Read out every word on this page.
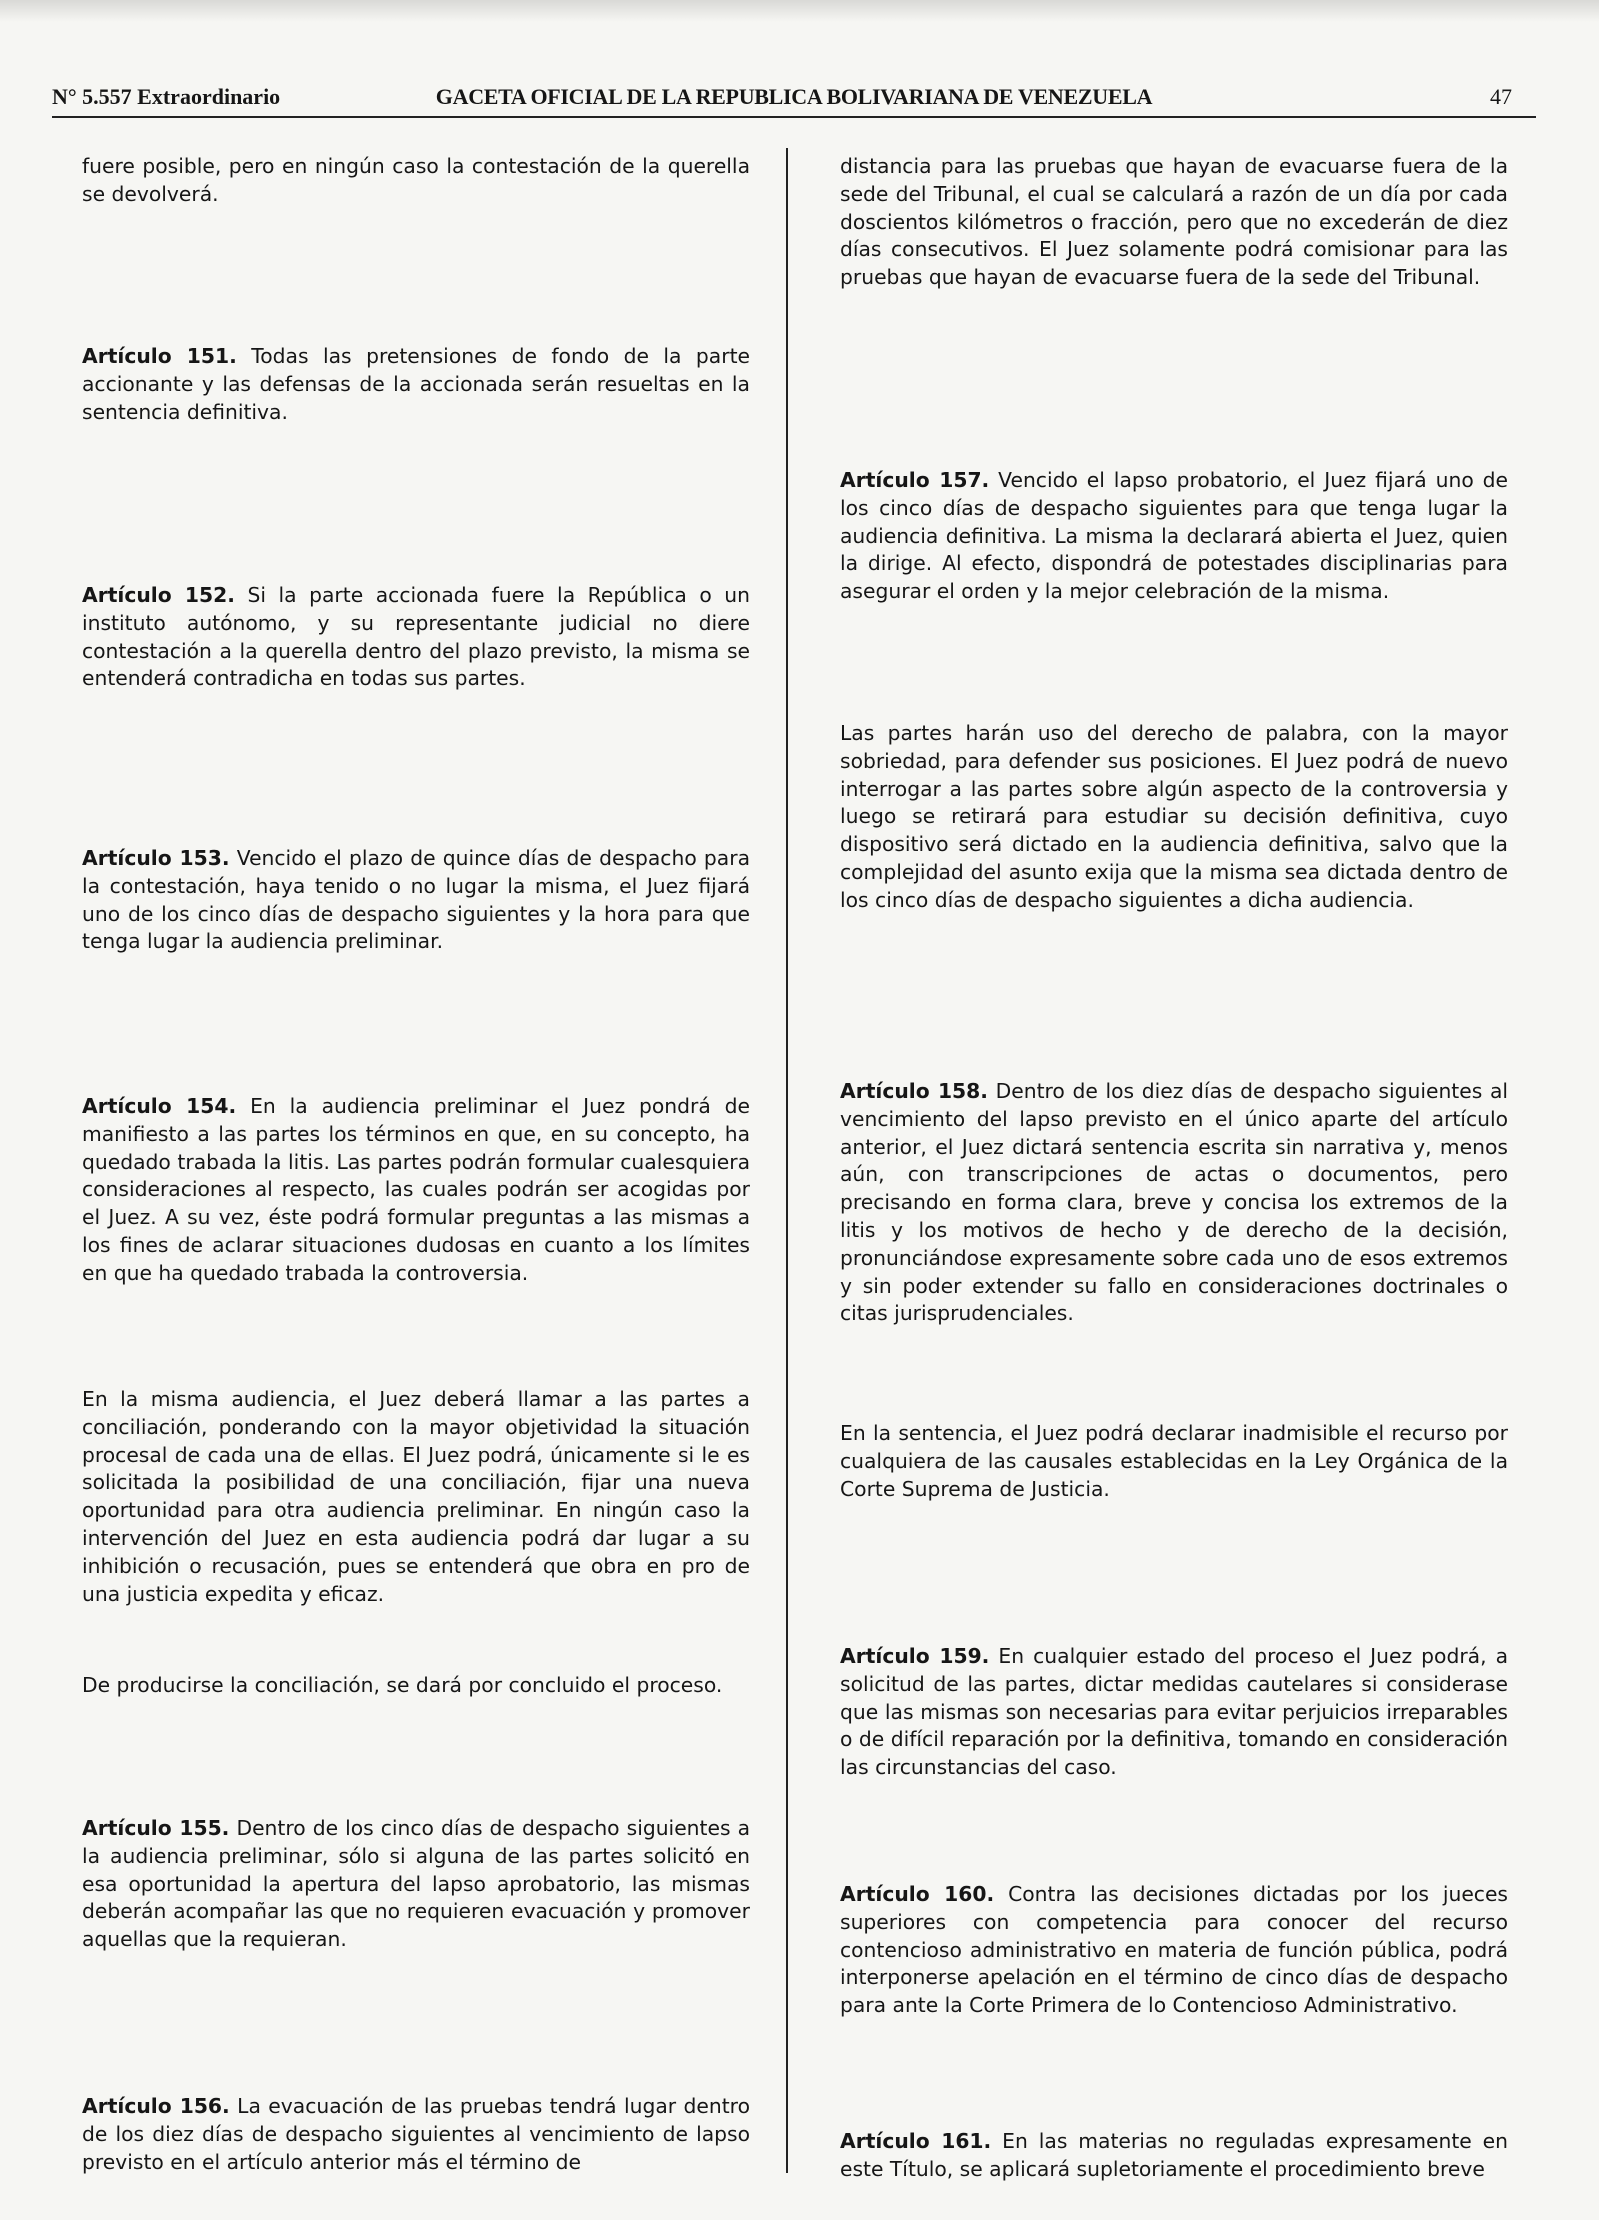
N° 5.557 Extraordinario	GACETA OFICIAL DE LA REPUBLICA BOLIVARIANA DE VENEZUELA	47

fuere posible, pero en ningún caso la contestación de la querella se devolverá.

Artículo 151. Todas las pretensiones de fondo de la parte accionante y las defensas de la accionada serán resueltas en la sentencia definitiva.

Artículo 152. Si la parte accionada fuere la República o un instituto autónomo, y su representante judicial no diere contestación a la querella dentro del plazo previsto, la misma se entenderá contradicha en todas sus partes.

Artículo 153. Vencido el plazo de quince días de despacho para la contestación, haya tenido o no lugar la misma, el Juez fijará uno de los cinco días de despacho siguientes y la hora para que tenga lugar la audiencia preliminar.

Artículo 154. En la audiencia preliminar el Juez pondrá de manifiesto a las partes los términos en que, en su concepto, ha quedado trabada la litis. Las partes podrán formular cualesquiera consideraciones al respecto, las cuales podrán ser acogidas por el Juez. A su vez, éste podrá formular preguntas a las mismas a los fines de aclarar situaciones dudosas en cuanto a los límites en que ha quedado trabada la controversia.

En la misma audiencia, el Juez deberá llamar a las partes a conciliación, ponderando con la mayor objetividad la situación procesal de cada una de ellas. El Juez podrá, únicamente si le es solicitada la posibilidad de una conciliación, fijar una nueva oportunidad para otra audiencia preliminar. En ningún caso la intervención del Juez en esta audiencia podrá dar lugar a su inhibición o recusación, pues se entenderá que obra en pro de una justicia expedita y eficaz.

De producirse la conciliación, se dará por concluido el proceso.

Artículo 155. Dentro de los cinco días de despacho siguientes a la audiencia preliminar, sólo si alguna de las partes solicitó en esa oportunidad la apertura del lapso aprobatorio, las mismas deberán acompañar las que no requieren evacuación y promover aquellas que la requieran.

Artículo 156. La evacuación de las pruebas tendrá lugar dentro de los diez días de despacho siguientes al vencimiento de lapso previsto en el artículo anterior más el término de

distancia para las pruebas que hayan de evacuarse fuera de la sede del Tribunal, el cual se calculará a razón de un día por cada doscientos kilómetros o fracción, pero que no excederán de diez días consecutivos. El Juez solamente podrá comisionar para las pruebas que hayan de evacuarse fuera de la sede del Tribunal.

Artículo 157. Vencido el lapso probatorio, el Juez fijará uno de los cinco días de despacho siguientes para que tenga lugar la audiencia definitiva. La misma la declarará abierta el Juez, quien la dirige. Al efecto, dispondrá de potestades disciplinarias para asegurar el orden y la mejor celebración de la misma.

Las partes harán uso del derecho de palabra, con la mayor sobriedad, para defender sus posiciones. El Juez podrá de nuevo interrogar a las partes sobre algún aspecto de la controversia y luego se retirará para estudiar su decisión definitiva, cuyo dispositivo será dictado en la audiencia definitiva, salvo que la complejidad del asunto exija que la misma sea dictada dentro de los cinco días de despacho siguientes a dicha audiencia.

Artículo 158. Dentro de los diez días de despacho siguientes al vencimiento del lapso previsto en el único aparte del artículo anterior, el Juez dictará sentencia escrita sin narrativa y, menos aún, con transcripciones de actas o documentos, pero precisando en forma clara, breve y concisa los extremos de la litis y los motivos de hecho y de derecho de la decisión, pronunciándose expresamente sobre cada uno de esos extremos y sin poder extender su fallo en consideraciones doctrinales o citas jurisprudenciales.

En la sentencia, el Juez podrá declarar inadmisible el recurso por cualquiera de las causales establecidas en la Ley Orgánica de la Corte Suprema de Justicia.

Artículo 159. En cualquier estado del proceso el Juez podrá, a solicitud de las partes, dictar medidas cautelares si considerase que las mismas son necesarias para evitar perjuicios irreparables o de difícil reparación por la definitiva, tomando en consideración las circunstancias del caso.

Artículo 160. Contra las decisiones dictadas por los jueces superiores con competencia para conocer del recurso contencioso administrativo en materia de función pública, podrá interponerse apelación en el término de cinco días de despacho para ante la Corte Primera de lo Contencioso Administrativo.

Artículo 161. En las materias no reguladas expresamente en este Título, se aplicará supletoriamente el procedimiento breve
